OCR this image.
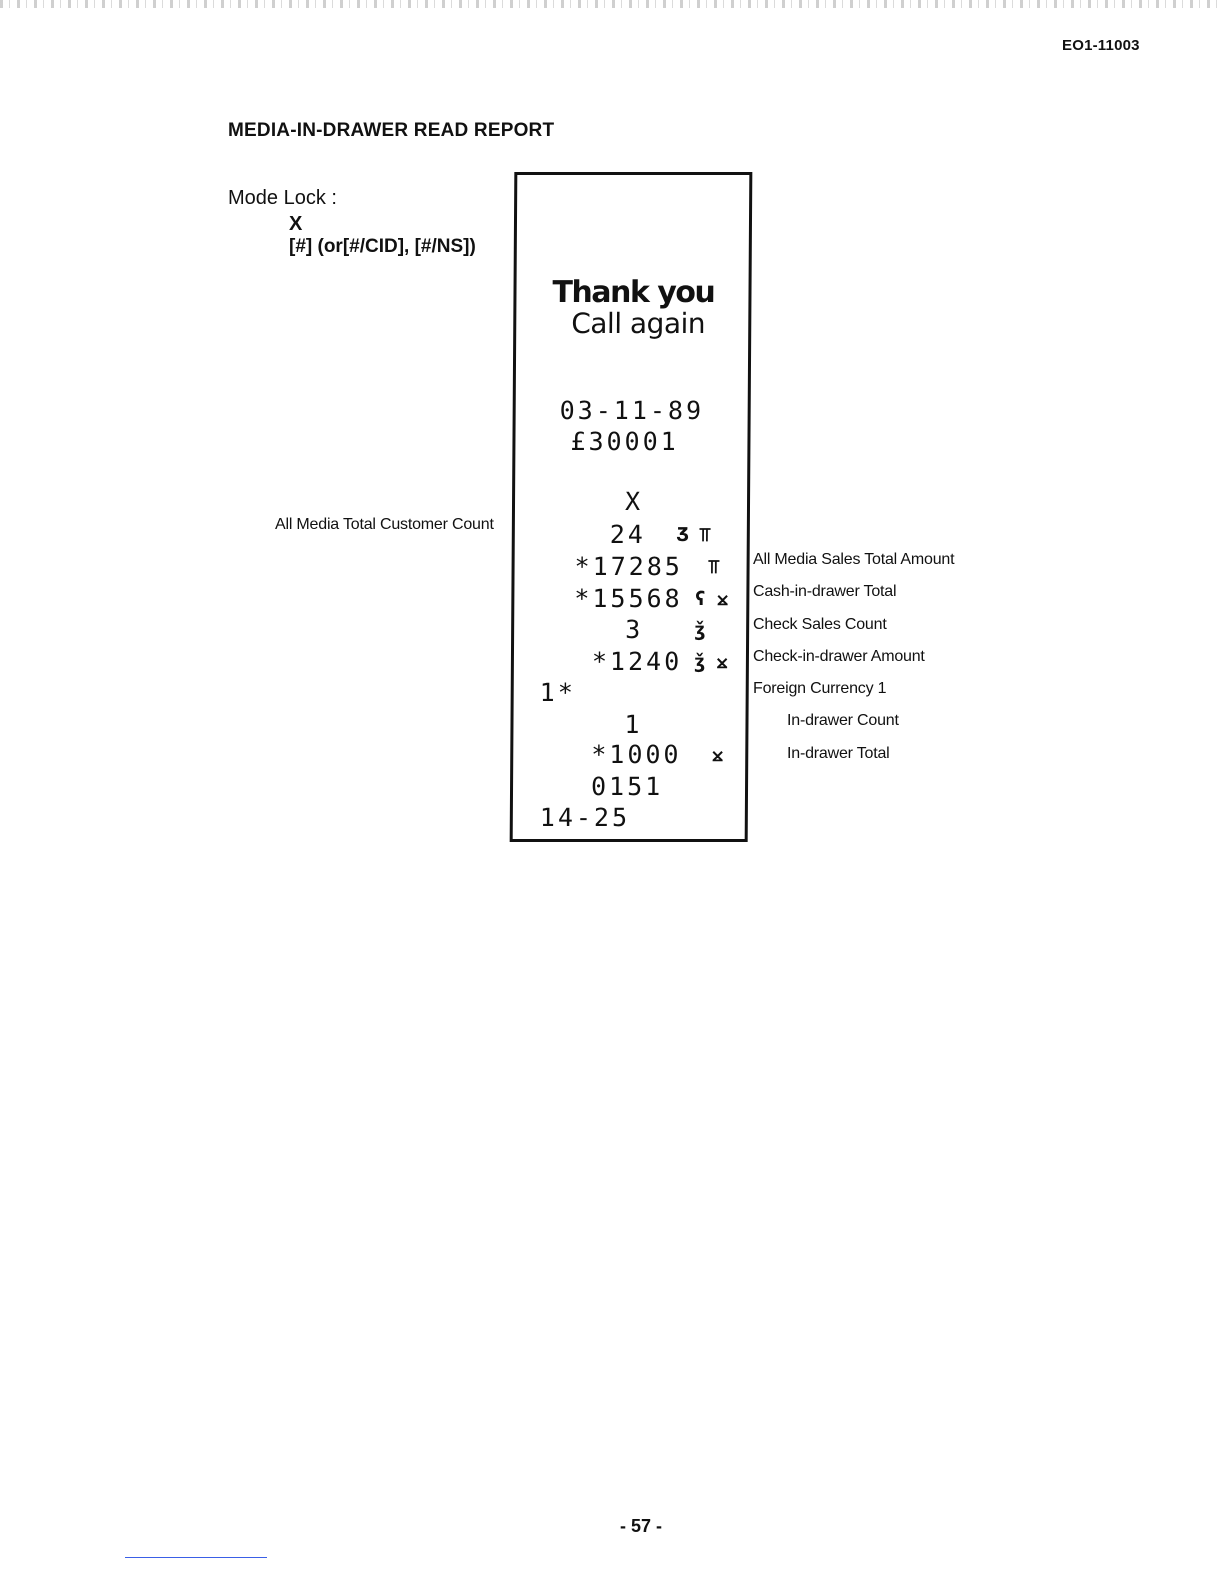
EO1-11003
MEDIA-IN-DRAWER READ REPORT
Mode Lock :
X
[#] (or[#/CID], [#/NS])
Thank you
Call again
03-11-89
£30001
X
24 Ʒ ⫪
*17285 ⫪
*15568 ʕ ⨲
3	ǯ
*1240 ǯ ⨲
1*
1
*1000 ⨲
0151
14-25
All Media Total Customer Count
All Media Sales Total Amount
Cash-in-drawer Total
Check Sales Count
Check-in-drawer Amount
Foreign Currency 1
In-drawer Count
In-drawer Total
- 57 -
